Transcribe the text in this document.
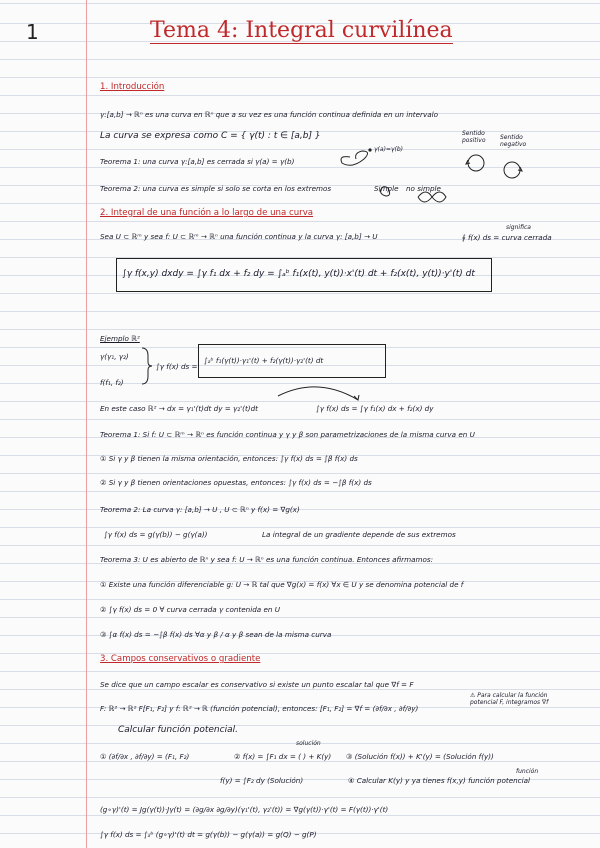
1	Tema 4: Integral curvilínea
1. Introducción
γ:[a,b] → ℝⁿ es una curva en ℝⁿ que a su vez es una función continua definida en un intervalo
La curva se expresa como C = { γ(t) : t ∈ [a,b] }	Sentido positivo	Sentido negativo
Teorema 1: una curva γ:[a,b] es cerrada si γ(a) = γ(b)
γ(a)=γ(b)
Teorema 2: una curva es simple si solo se corta en los extremos	Simple no simple
2. Integral de una función a lo largo de una curva
Sea U ⊂ ℝᵐ y sea f: U ⊂ ℝᵐ → ℝⁿ una función continua y la curva γ: [a,b] → U
significa
∮ f(x) ds = curva cerrada
∫γ f(x,y) dxdy = ∫γ f₁ dx + f₂ dy = ∫ₐᵇ f₁(x(t), y(t))·x'(t) dt + f₂(x(t), y(t))·y'(t) dt
Ejemplo ℝ²
γ(γ₁, γ₂)
f(f₁, f₂)
∫γ f(x) ds =
∫ₐᵇ f₁(γ(t))·γ₁'(t) + f₂(γ(t))·γ₂'(t) dt
En este caso ℝ² → dx = γ₁'(t)dt dy = γ₂'(t)dt	∫γ f(x) ds = ∫γ f₁(x) dx + f₂(x) dy
Teorema 1: Si f: U ⊂ ℝᵐ → ℝⁿ es función continua y γ y β son parametrizaciones de la misma curva en U
① Si γ y β tienen la misma orientación, entonces: ∫γ f(x) ds = ∫β f(x) ds
② Si γ y β tienen orientaciones opuestas, entonces: ∫γ f(x) ds = −∫β f(x) ds
Teorema 2: La curva γ: [a,b] → U , U ⊂ ℝⁿ y f(x) = ∇g(x)
∫γ f(x) ds = g(γ(b)) − g(γ(a))	La integral de un gradiente depende de sus extremos
Teorema 3: U es abierto de ℝⁿ y sea f: U → ℝⁿ es una función continua. Entonces afirmamos:
① Existe una función diferenciable g: U → ℝ tal que ∇g(x) = f(x) ∀x ∈ U y se denomina potencial de f
② ∫γ f(x) ds = 0 ∀ curva cerrada γ contenida en U
③ ∫α f(x) ds = −∫β f(x) ds ∀α y β / α y β sean de la misma curva
3. Campos conservativos o gradiente
Se dice que un campo escalar es conservativo si existe un punto escalar tal que ∇f = F
F: ℝ² → ℝ² F[F₁, F₂] y f: ℝ² → ℝ (función potencial), entonces: [F₁, F₂] = ∇f = (∂f/∂x , ∂f/∂y)
⚠ Para calcular la función potencial F, integramos ∇f
Calcular función potencial.
① (∂f/∂x , ∂f/∂y) = (F₁, F₂)
solución
② f(x) = ∫F₁ dx = ( ) + K(y) ③ (Solución f(x)) + K'(y) = (Solución f(y))
f(y) = ∫F₂ dy (Solución)
función
④ Calcular K(y) y ya tienes f(x,y) función potencial
(g∘γ)'(t) = Jg(γ(t))·Jγ(t) = (∂g/∂x ∂g/∂y)(γ₁'(t), γ₂'(t)) = ∇g(γ(t))·γ'(t) = F(γ(t))·γ'(t)
∫γ f(x) ds = ∫ₐᵇ (g∘γ)'(t) dt = g(γ(b)) − g(γ(a)) = g(Q) − g(P)
